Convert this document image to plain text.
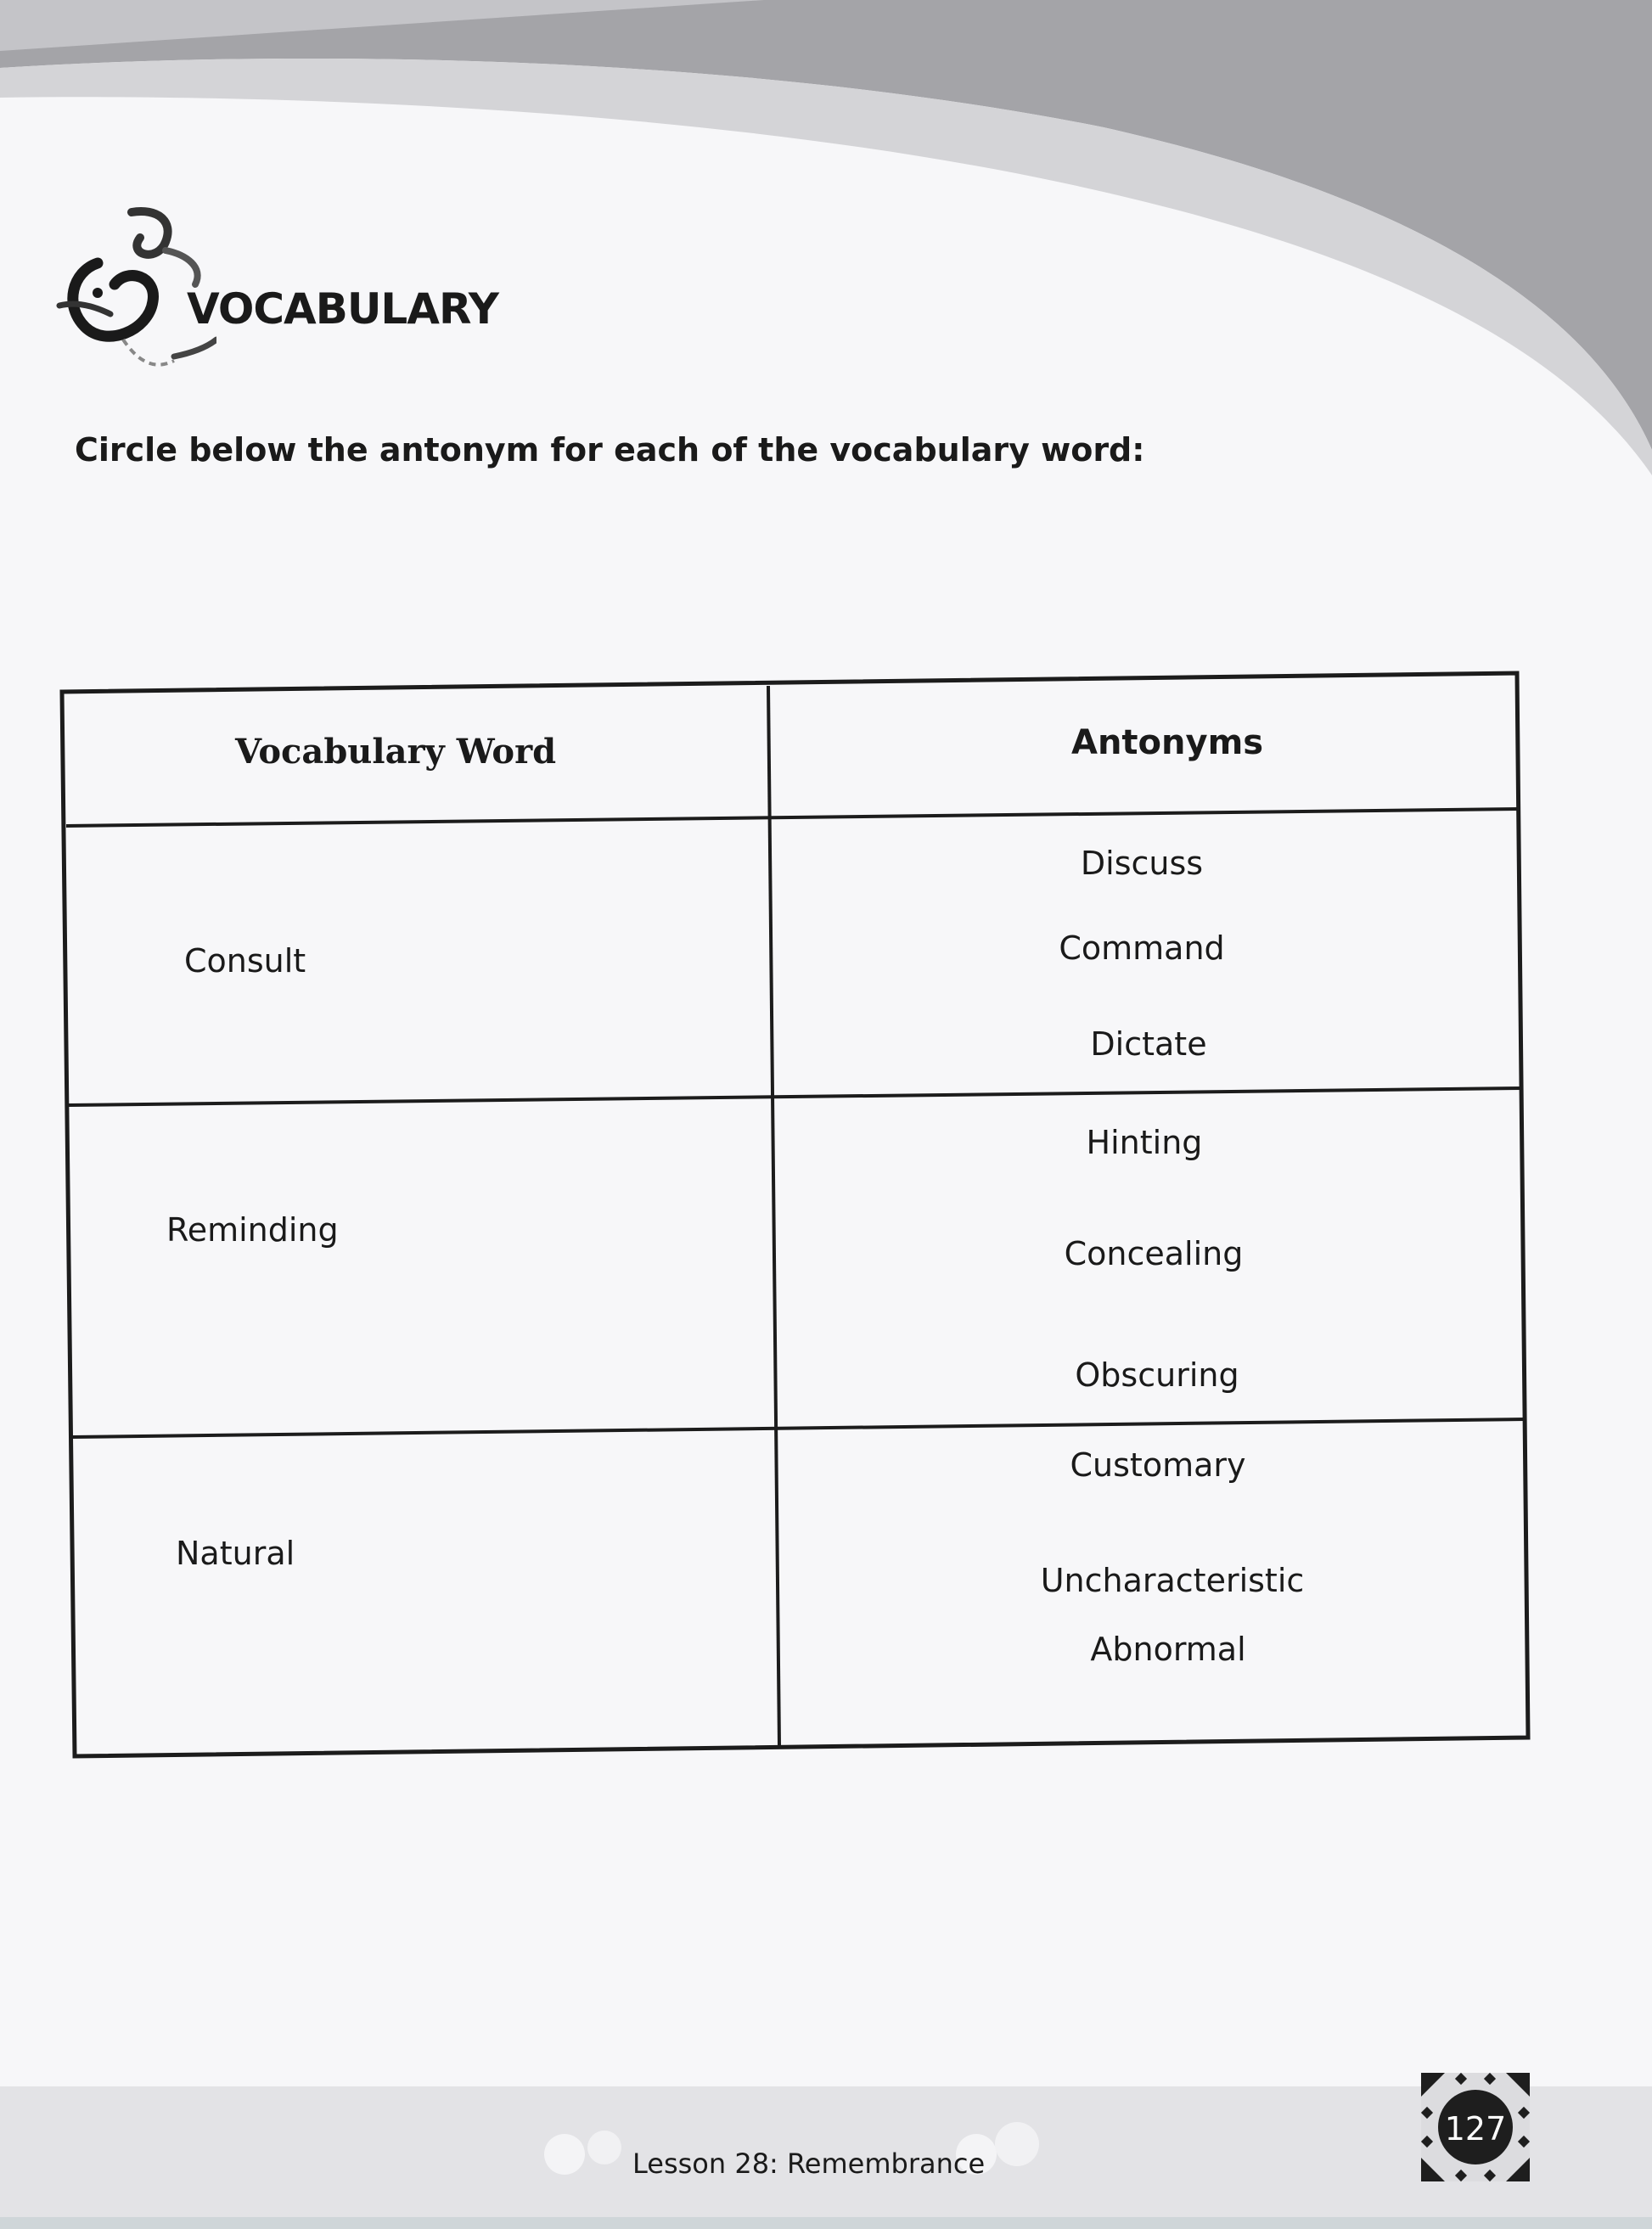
VOCABULARY
Circle below the antonym for each of the vocabulary word:
Vocabulary Word	Antonyms
Consult
Discuss
Command
Dictate
Reminding
Hinting
Concealing
Obscuring
Natural
Customary
Uncharacteristic
Abnormal
Lesson 28: Remembrance
127
